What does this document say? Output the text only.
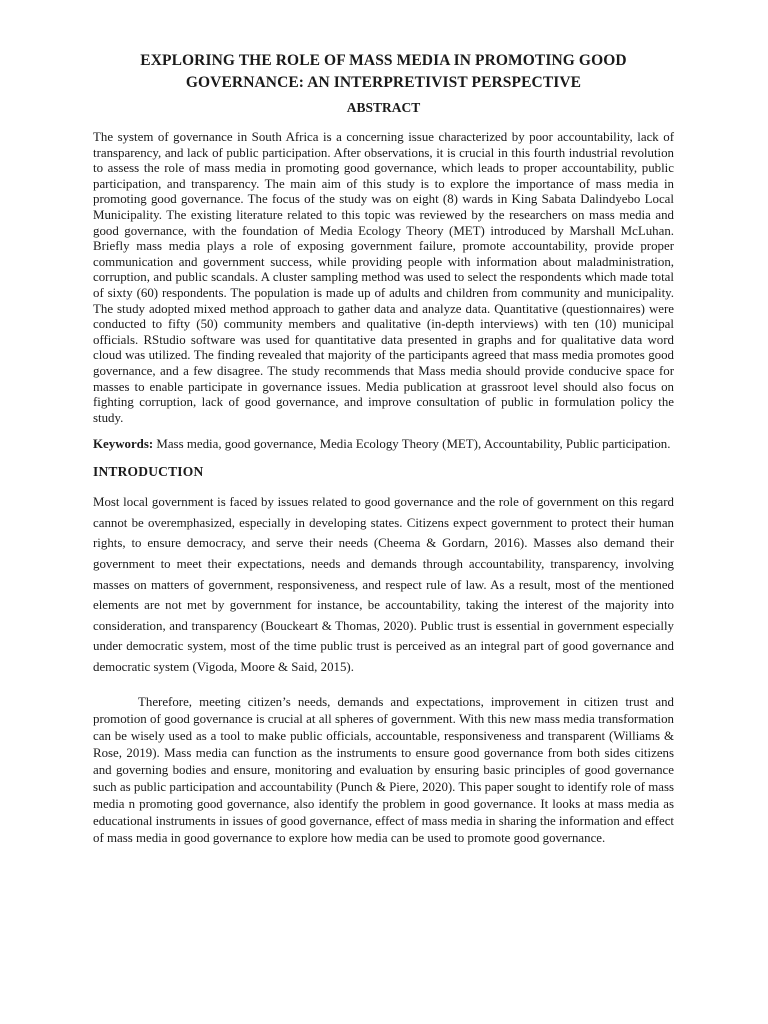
EXPLORING THE ROLE OF MASS MEDIA IN PROMOTING GOOD GOVERNANCE: AN INTERPRETIVIST PERSPECTIVE
ABSTRACT

The system of governance in South Africa is a concerning issue characterized by poor accountability, lack of transparency, and lack of public participation. After observations, it is crucial in this fourth industrial revolution to assess the role of mass media in promoting good governance, which leads to proper accountability, public participation, and transparency. The main aim of this study is to explore the importance of mass media in promoting good governance. The focus of the study was on eight (8) wards in King Sabata Dalindyebo Local Municipality. The existing literature related to this topic was reviewed by the researchers on mass media and good governance, with the foundation of Media Ecology Theory (MET) introduced by Marshall McLuhan. Briefly mass media plays a role of exposing government failure, promote accountability, provide proper communication and government success, while providing people with information about maladministration, corruption, and public scandals. A cluster sampling method was used to select the respondents which made total of sixty (60) respondents. The population is made up of adults and children from community and municipality. The study adopted mixed method approach to gather data and analyze data. Quantitative (questionnaires) were conducted to fifty (50) community members and qualitative (in-depth interviews) with ten (10) municipal officials. RStudio software was used for quantitative data presented in graphs and for qualitative data word cloud was utilized. The finding revealed that majority of the participants agreed that mass media promotes good governance, and a few disagree. The study recommends that Mass media should provide conducive space for masses to enable participate in governance issues. Media publication at grassroot level should also focus on fighting corruption, lack of good governance, and improve consultation of public in formulation policy the study.

Keywords: Mass media, good governance, Media Ecology Theory (MET), Accountability, Public participation.

INTRODUCTION

Most local government is faced by issues related to good governance and the role of government on this regard cannot be overemphasized, especially in developing states. Citizens expect government to protect their human rights, to ensure democracy, and serve their needs (Cheema & Gordarn, 2016). Masses also demand their government to meet their expectations, needs and demands through accountability, transparency, involving masses on matters of government, responsiveness, and respect rule of law. As a result, most of the mentioned elements are not met by government for instance, be accountability, taking the interest of the majority into consideration, and transparency (Bouckeart & Thomas, 2020). Public trust is essential in government especially under democratic system, most of the time public trust is perceived as an integral part of good governance and democratic system (Vigoda, Moore & Said, 2015).

Therefore, meeting citizen’s needs, demands and expectations, improvement in citizen trust and promotion of good governance is crucial at all spheres of government. With this new mass media transformation can be wisely used as a tool to make public officials, accountable, responsiveness and transparent (Williams & Rose, 2019). Mass media can function as the instruments to ensure good governance from both sides citizens and governing bodies and ensure, monitoring and evaluation by ensuring basic principles of good governance such as public participation and accountability (Punch & Piere, 2020). This paper sought to identify role of mass media n promoting good governance, also identify the problem in good governance. It looks at mass media as educational instruments in issues of good governance, effect of mass media in sharing the information and effect of mass media in good governance to explore how media can be used to promote good governance.
